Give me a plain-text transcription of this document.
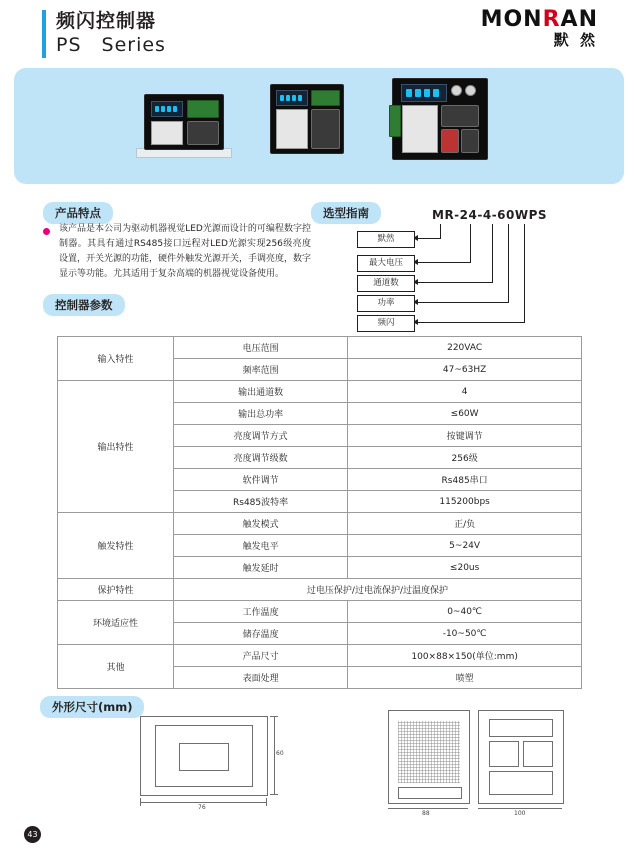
频闪控制器
PS　Series
MONRAN
默 然
产品特点	选型指南
控制器参数
外形尺寸(mm)

该产品是本公司为驱动机器视觉LED光源而设计的可编程数字控制器。其具有通过RS485接口远程对LED光源实现256级亮度设置，开关光源的功能，硬件外触发光源开关，手调亮度，数字显示等功能。尤其适用于复杂高端的机器视觉设备使用。

MR-24-4-60WPS
默然
最大电压
通道数
功率
频闪
输入特性	电压范围	220VAC
	频率范围	47~63HZ
输出特性	输出通道数	4
	输出总功率	≤60W
	亮度调节方式	按键调节
	亮度调节级数	256级
	软件调节	Rs485串口
	Rs485波特率	115200bps
触发特性	触发模式	正/负
	触发电平	5~24V
	触发延时	≤20us
保护特性	过电压保护/过电流保护/过温度保护	
环境适应性	工作温度	0~40℃
	储存温度	-10~50℃
其他	产品尺寸	100×88×150(单位:mm)
	表面处理	喷塑
76
60
88	100
43
